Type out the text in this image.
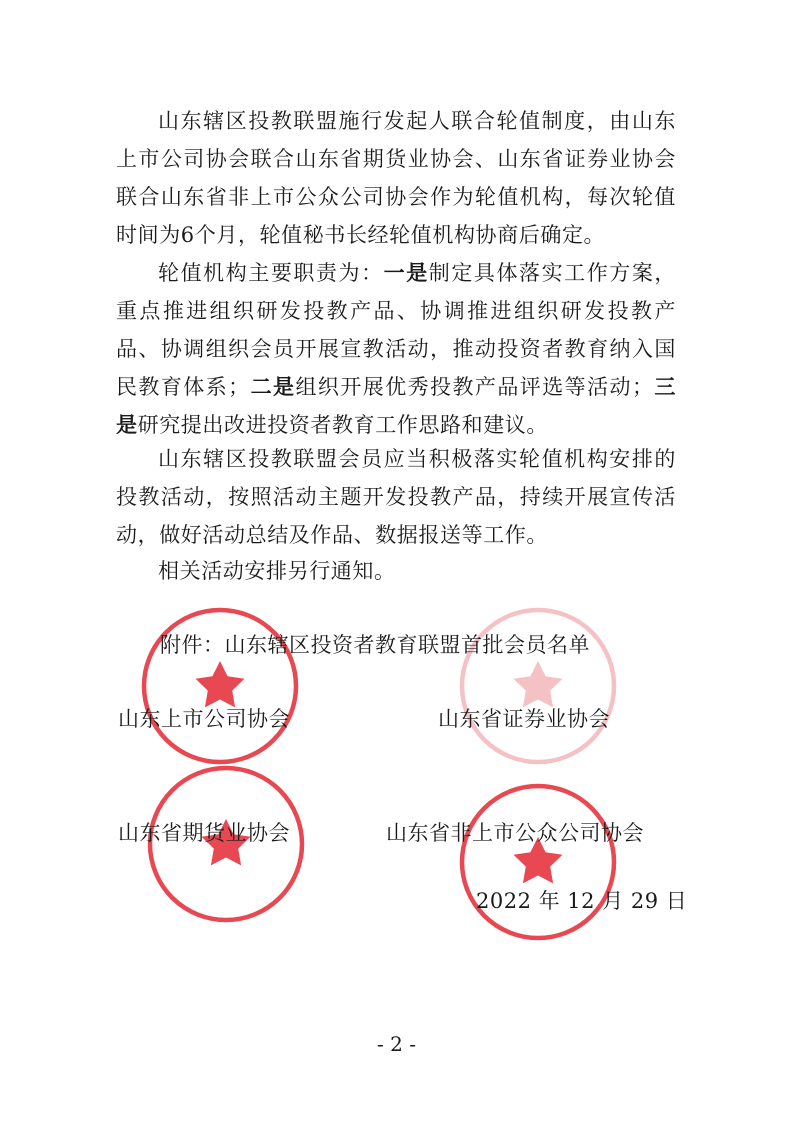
山东辖区投教联盟施行发起人联合轮值制度，由山东上市公司协会联合山东省期货业协会、山东省证券业协会联合山东省非上市公众公司协会作为轮值机构，每次轮值时间为6个月，轮值秘书长经轮值机构协商后确定。

轮值机构主要职责为：一是制定具体落实工作方案，重点推进组织研发投教产品、协调推进组织研发投教产品、协调组织会员开展宣教活动，推动投资者教育纳入国民教育体系；二是组织开展优秀投教产品评选等活动；三是研究提出改进投资者教育工作思路和建议。

山东辖区投教联盟会员应当积极落实轮值机构安排的投教活动，按照活动主题开发投教产品，持续开展宣传活动，做好活动总结及作品、数据报送等工作。

相关活动安排另行通知。

附件：山东辖区投资者教育联盟首批会员名单

山东上市公司协会	山东省证券业协会

山东省期货业协会	山东省非上市公众公司协会

2022 年 12 月 29 日

- 2 -
